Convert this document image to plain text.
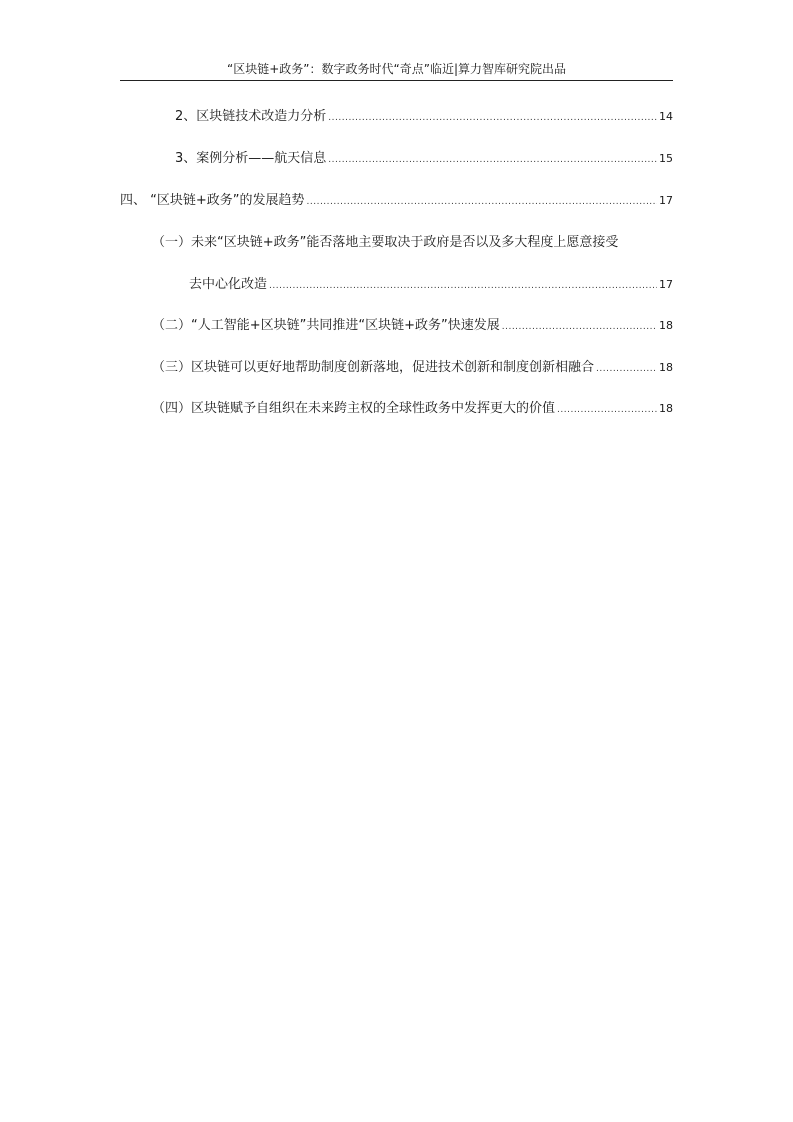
“区块链+政务”：数字政务时代“奇点”临近|算力智库研究院出品
2、区块链技术改造力分析 .....	14
3、案例分析——航天信息 .....	15
四、 “区块链+政务”的发展趋势 .....	17
（一）未来“区块链+政务”能否落地主要取决于政府是否以及多大程度上愿意接受
去中心化改造 .....	17
（二）“人工智能+区块链”共同推进“区块链+政务”快速发展 .....	18
（三）区块链可以更好地帮助制度创新落地，促进技术创新和制度创新相融合 .....	18
（四）区块链赋予自组织在未来跨主权的全球性政务中发挥更大的价值 .....	18
